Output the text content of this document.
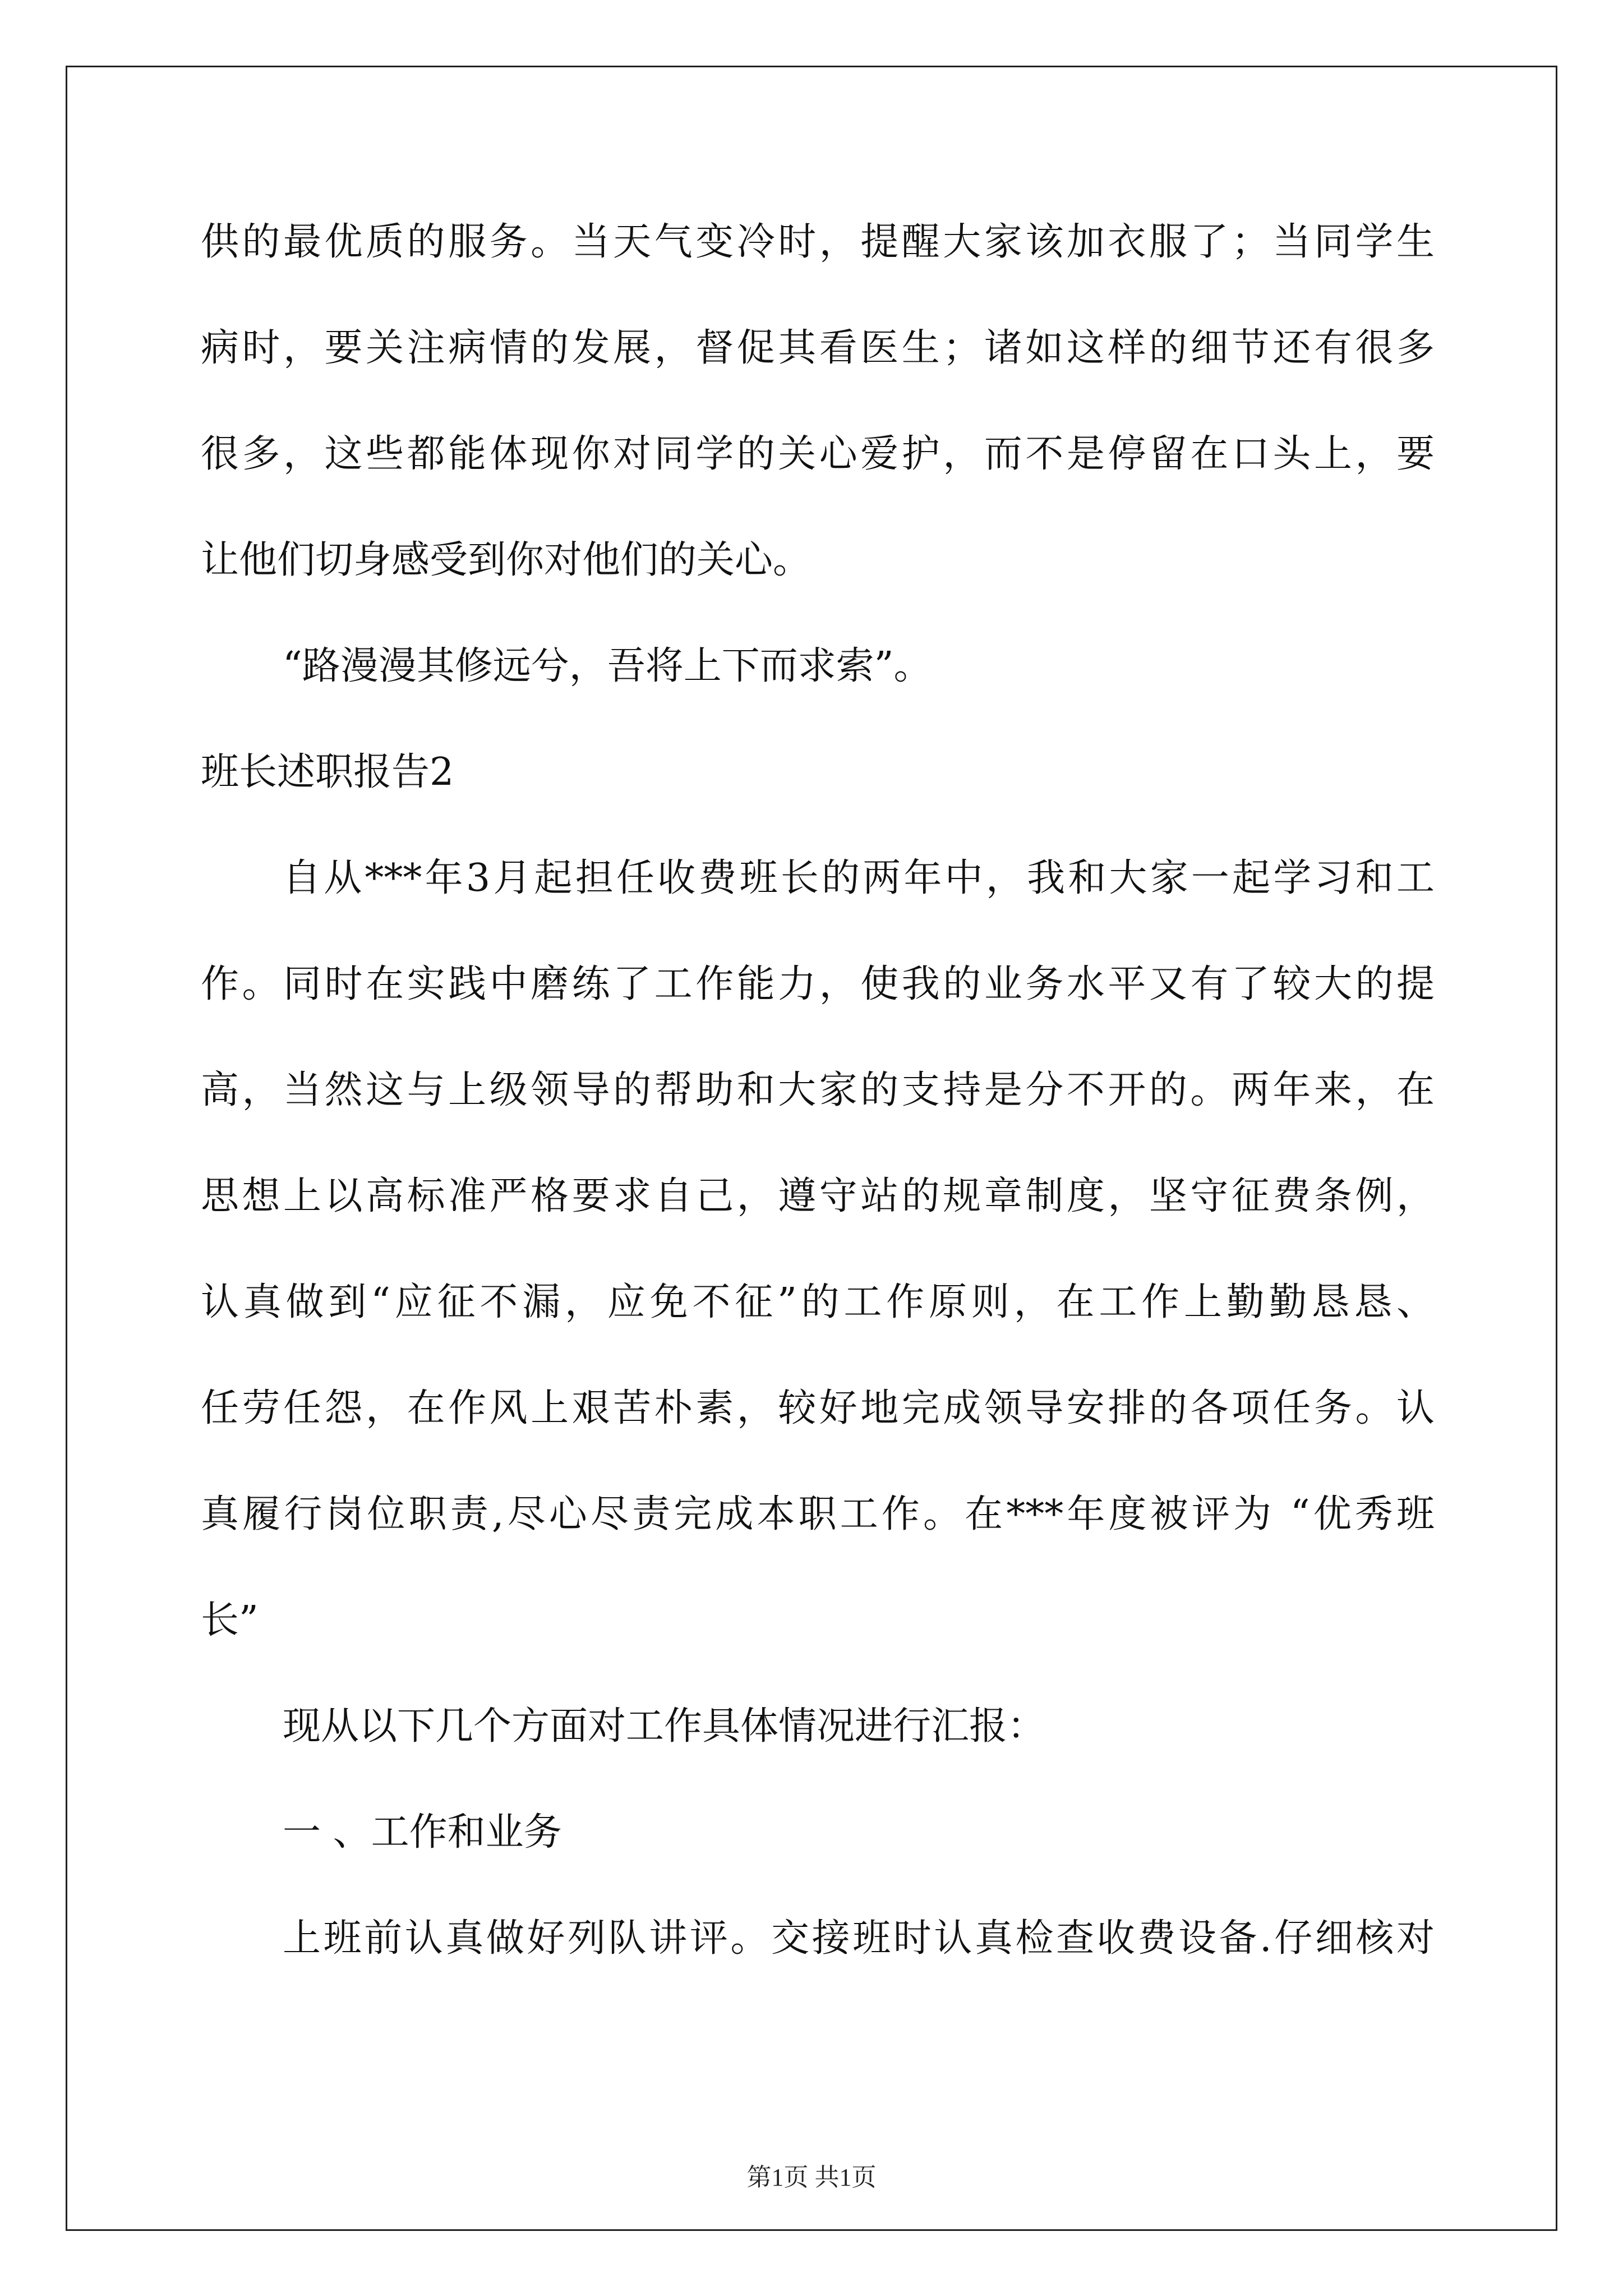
供的最优质的服务。当天气变冷时，提醒大家该加衣服了；当同学生
病时，要关注病情的发展，督促其看医生；诸如这样的细节还有很多
很多，这些都能体现你对同学的关心爱护，而不是停留在口头上，要
让他们切身感受到你对他们的关心。
“路漫漫其修远兮，吾将上下而求索”。
班长述职报告2
自从***年3月起担任收费班长的两年中，我和大家一起学习和工
作。同时在实践中磨练了工作能力，使我的业务水平又有了较大的提
高，当然这与上级领导的帮助和大家的支持是分不开的。两年来，在
思想上以高标准严格要求自己，遵守站的规章制度，坚守征费条例，
认真做到“应征不漏，应免不征”的工作原则，在工作上勤勤恳恳、
任劳任怨，在作风上艰苦朴素，较好地完成领导安排的各项任务。认
真履行岗位职责,尽心尽责完成本职工作。在***年度被评为 “优秀班
长”
现从以下几个方面对工作具体情况进行汇报：
一 、工作和业务
上班前认真做好列队讲评。交接班时认真检查收费设备.仔细核对
第1页 共1页
